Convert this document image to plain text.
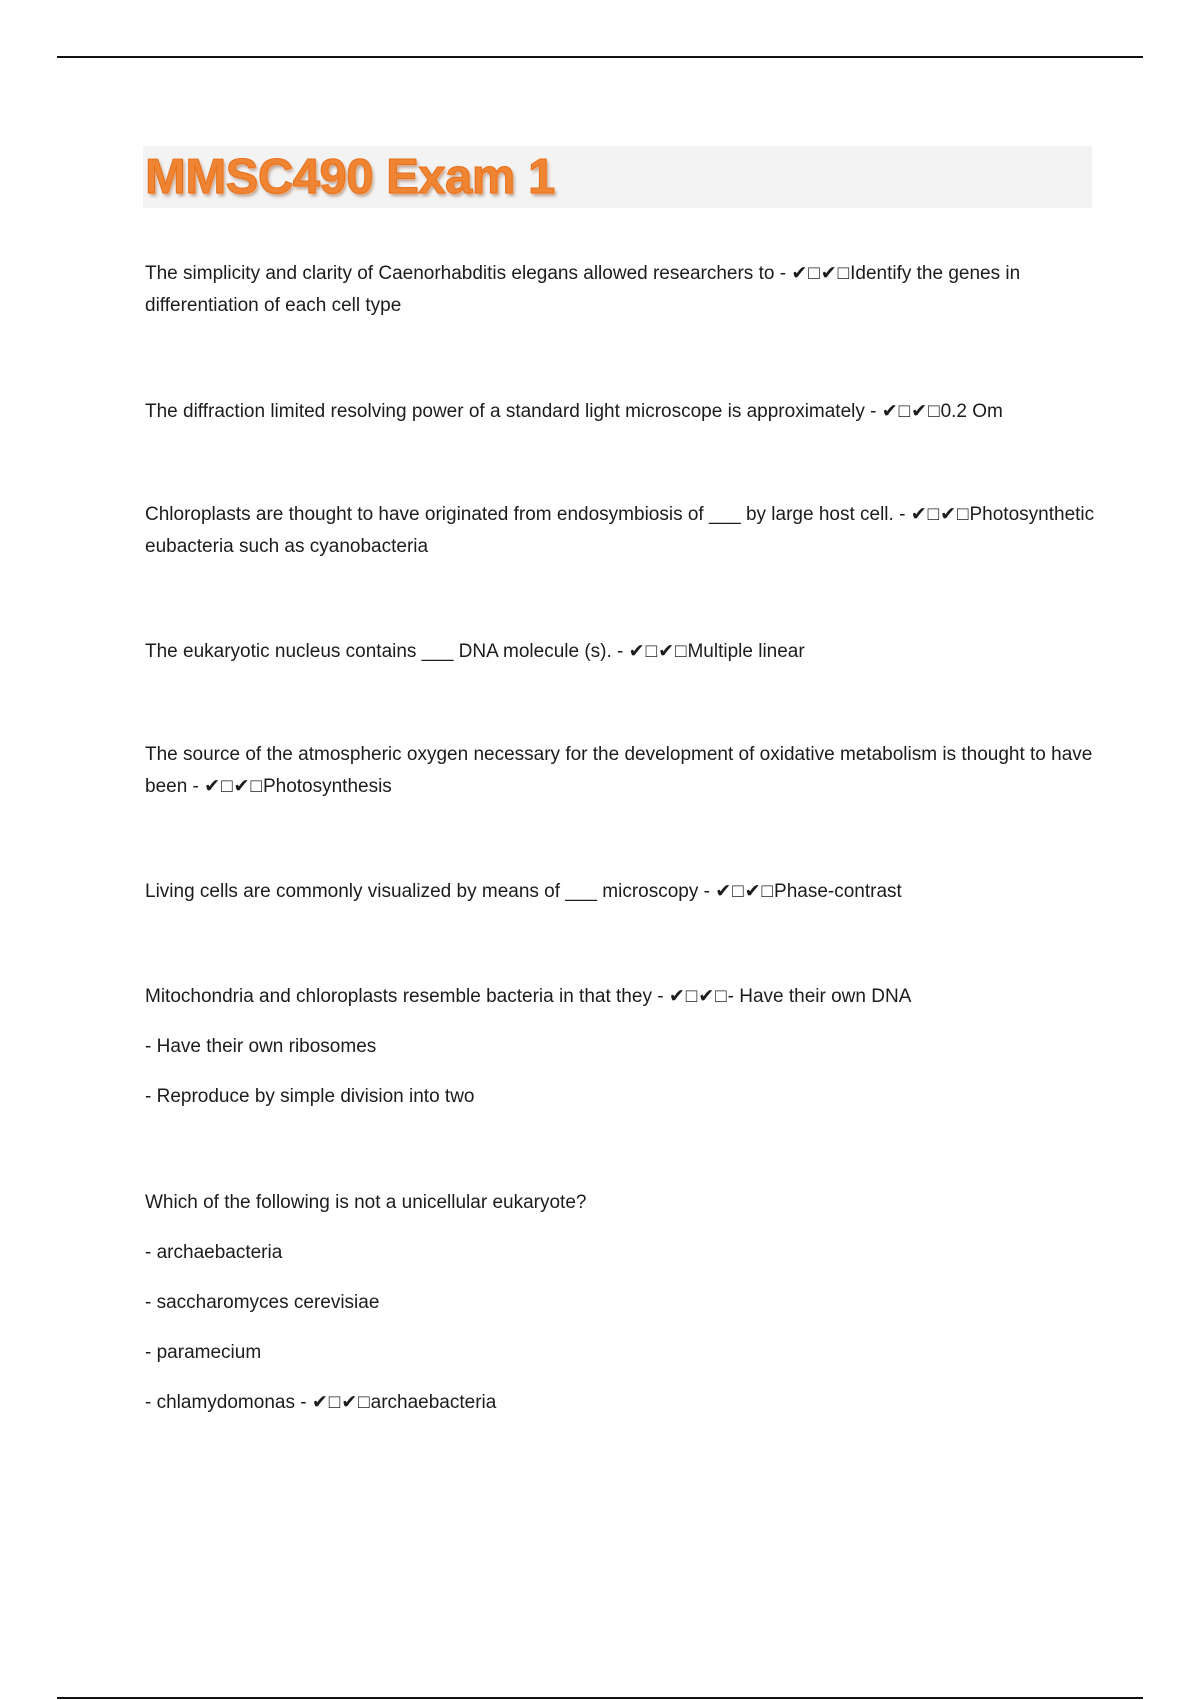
MMSC490 Exam 1

The simplicity and clarity of Caenorhabditis elegans allowed researchers to - ✔□✔□Identify the genes in differentiation of each cell type

The diffraction limited resolving power of a standard light microscope is approximately - ✔□✔□0.2 Om

Chloroplasts are thought to have originated from endosymbiosis of ___ by large host cell. - ✔□✔□Photosynthetic eubacteria such as cyanobacteria

The eukaryotic nucleus contains ___ DNA molecule (s). - ✔□✔□Multiple linear

The source of the atmospheric oxygen necessary for the development of oxidative metabolism is thought to have been - ✔□✔□Photosynthesis

Living cells are commonly visualized by means of ___ microscopy - ✔□✔□Phase-contrast

Mitochondria and chloroplasts resemble bacteria in that they - ✔□✔□- Have their own DNA

- Have their own ribosomes

- Reproduce by simple division into two

Which of the following is not a unicellular eukaryote?

- archaebacteria

- saccharomyces cerevisiae

- paramecium

- chlamydomonas - ✔□✔□archaebacteria
